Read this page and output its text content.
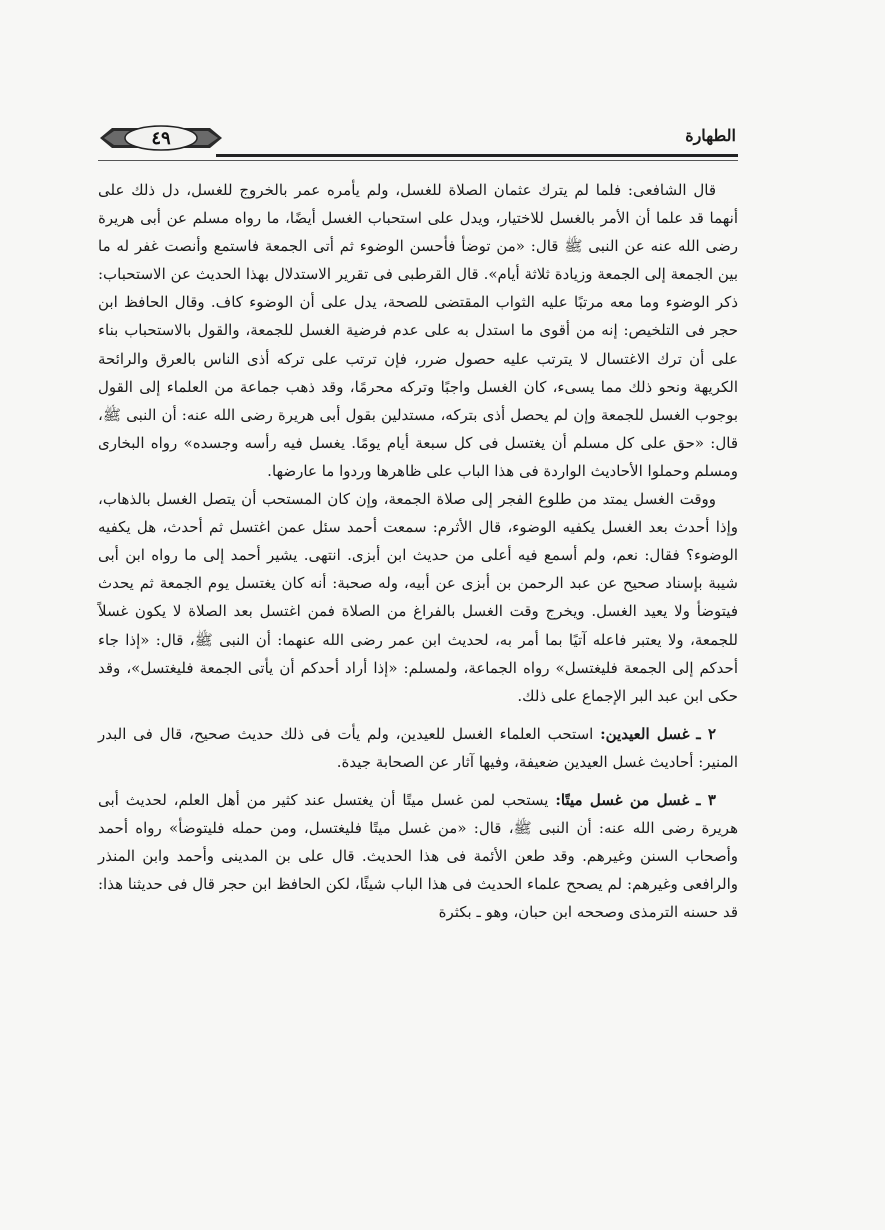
٤٩	الطهارة

قال الشافعى: فلما لم يترك عثمان الصلاة للغسل، ولم يأمره عمر بالخروج للغسل، دل ذلك على أنهما قد علما أن الأمر بالغسل للاختيار، ويدل على استحباب الغسل أيضًا، ما رواه مسلم عن أبى هريرة رضى الله عنه عن النبى ﷺ قال: «من توضأ فأحسن الوضوء ثم أتى الجمعة فاستمع وأنصت غفر له ما بين الجمعة إلى الجمعة وزيادة ثلاثة أيام». قال القرطبى فى تقرير الاستدلال بهذا الحديث عن الاستحباب: ذكر الوضوء وما معه مرتبًا عليه الثواب المقتضى للصحة، يدل على أن الوضوء كاف. وقال الحافظ ابن حجر فى التلخيص: إنه من أقوى ما استدل به على عدم فرضية الغسل للجمعة، والقول بالاستحباب بناء على أن ترك الاغتسال لا يترتب عليه حصول ضرر، فإن ترتب على تركه أذى الناس بالعرق والرائحة الكريهة ونحو ذلك مما يسىء، كان الغسل واجبًا وتركه محرمًا، وقد ذهب جماعة من العلماء إلى القول بوجوب الغسل للجمعة وإن لم يحصل أذى بتركه، مستدلين بقول أبى هريرة رضى الله عنه: أن النبى ﷺ، قال: «حق على كل مسلم أن يغتسل فى كل سبعة أيام يومًا. يغسل فيه رأسه وجسده» رواه البخارى ومسلم وحملوا الأحاديث الواردة فى هذا الباب على ظاهرها وردوا ما عارضها.

ووقت الغسل يمتد من طلوع الفجر إلى صلاة الجمعة، وإن كان المستحب أن يتصل الغسل بالذهاب، وإذا أحدث بعد الغسل يكفيه الوضوء، قال الأثرم: سمعت أحمد سئل عمن اغتسل ثم أحدث، هل يكفيه الوضوء؟ فقال: نعم، ولم أسمع فيه أعلى من حديث ابن أبزى. انتهى. يشير أحمد إلى ما رواه ابن أبى شيبة بإسناد صحيح عن عبد الرحمن بن أبزى عن أبيه، وله صحبة: أنه كان يغتسل يوم الجمعة ثم يحدث فيتوضأ ولا يعيد الغسل. ويخرج وقت الغسل بالفراغ من الصلاة فمن اغتسل بعد الصلاة لا يكون غسلاً للجمعة، ولا يعتبر فاعله آتيًا بما أمر به، لحديث ابن عمر رضى الله عنهما: أن النبى ﷺ، قال: «إذا جاء أحدكم إلى الجمعة فليغتسل» رواه الجماعة، ولمسلم: «إذا أراد أحدكم أن يأتى الجمعة فليغتسل»، وقد حكى ابن عبد البر الإجماع على ذلك.

٢ ـ غسل العيدين: استحب العلماء الغسل للعيدين، ولم يأت فى ذلك حديث صحيح، قال فى البدر المنير: أحاديث غسل العيدين ضعيفة، وفيها آثار عن الصحابة جيدة.

٣ ـ غسل من غسل ميتًا: يستحب لمن غسل ميتًا أن يغتسل عند كثير من أهل العلم، لحديث أبى هريرة رضى الله عنه: أن النبى ﷺ، قال: «من غسل ميتًا فليغتسل، ومن حمله فليتوضأ» رواه أحمد وأصحاب السنن وغيرهم. وقد طعن الأئمة فى هذا الحديث. قال على بن المدينى وأحمد وابن المنذر والرافعى وغيرهم: لم يصحح علماء الحديث فى هذا الباب شيئًا، لكن الحافظ ابن حجر قال فى حديثنا هذا: قد حسنه الترمذى وصححه ابن حبان، وهو ـ بكثرة
